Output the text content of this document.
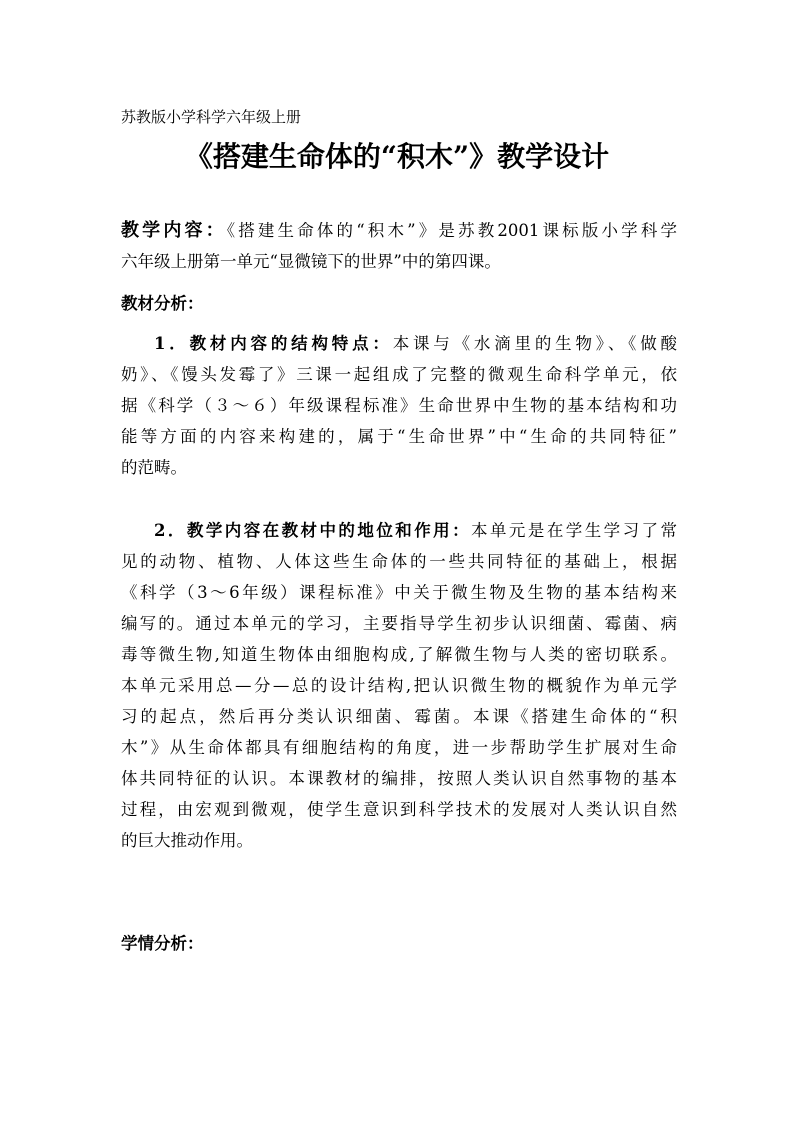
苏教版小学科学六年级上册
《搭建生命体的“积木”》教学设计
教学内容：《搭建生命体的“积木”》是苏教2001课标版小学科学
六年级上册第一单元“显微镜下的世界”中的第四课。
教材分析：
1．教材内容的结构特点：本课与《水滴里的生物》、《做酸
奶》、《馒头发霉了》三课一起组成了完整的微观生命科学单元，依
据《科学（３～６）年级课程标准》生命世界中生物的基本结构和功
能等方面的内容来构建的，属于“生命世界”中“生命的共同特征”
的范畴。
2．教学内容在教材中的地位和作用：本单元是在学生学习了常
见的动物、植物、人体这些生命体的一些共同特征的基础上，根据
《科学（3～6年级）课程标准》中关于微生物及生物的基本结构来
编写的。通过本单元的学习，主要指导学生初步认识细菌、霉菌、病
毒等微生物,知道生物体由细胞构成,了解微生物与人类的密切联系。
本单元采用总—分—总的设计结构,把认识微生物的概貌作为单元学
习的起点，然后再分类认识细菌、霉菌。本课《搭建生命体的“积
木”》从生命体都具有细胞结构的角度，进一步帮助学生扩展对生命
体共同特征的认识。本课教材的编排，按照人类认识自然事物的基本
过程，由宏观到微观，使学生意识到科学技术的发展对人类认识自然
的巨大推动作用。
学情分析：
